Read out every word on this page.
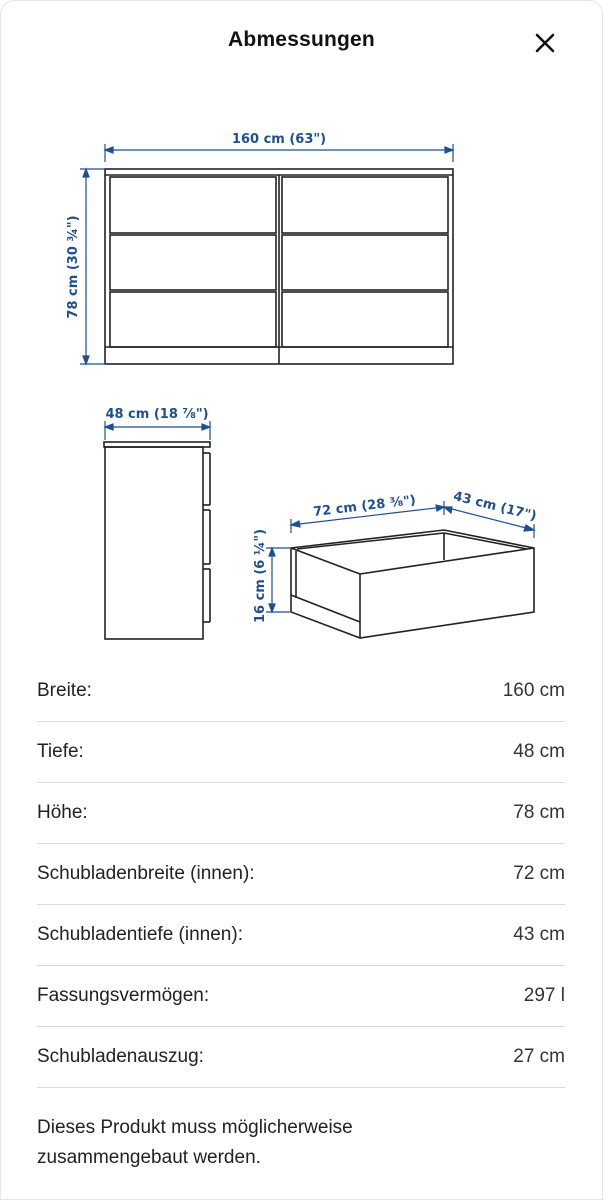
Abmessungen
160 cm (63")
78 cm (30 ¾")
48 cm (18 ⅞")
72 cm (28 ⅜")	43 cm (17")
16 cm (6 ¼")
Breite:	160 cm
Tiefe:	48 cm
Höhe:	78 cm
Schubladenbreite (innen):	72 cm
Schubladentiefe (innen):	43 cm
Fassungsvermögen:	297 l
Schubladenauszug:	27 cm
Dieses Produkt muss möglicherweise zusammengebaut werden.
